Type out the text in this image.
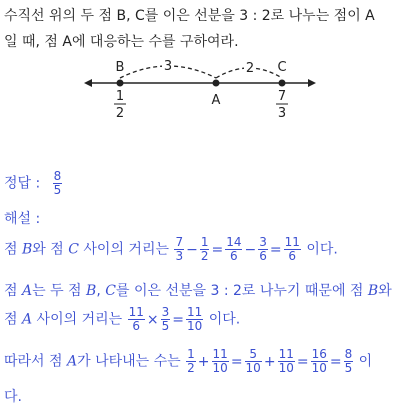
수직선 위의 두 점 B, C를 이은 선분을 3 : 2로 나누는 점이 A
일 때, 점 A에 대응하는 수를 구하여라.
3	2
B	C
A
1
2
7
3
정답 : $\frac{8}{5}$
해설 :
점 B와 점 C 사이의 거리는 $\frac{7}{3} - \frac{1}{2} = \frac{14}{6} - \frac{3}{6} = \frac{11}{6}$ 이다.
점 A는 두 점 B, C를 이은 선분을 3 : 2로 나누기 때문에 점 B와
점 A 사이의 거리는 $\frac{11}{6} \times \frac{3}{5} = \frac{11}{10}$ 이다.
따라서 점 A가 나타내는 수는 $\frac{1}{2} + \frac{11}{10} = \frac{5}{10} + \frac{11}{10} = \frac{16}{10} = \frac{8}{5}$ 이
다.
